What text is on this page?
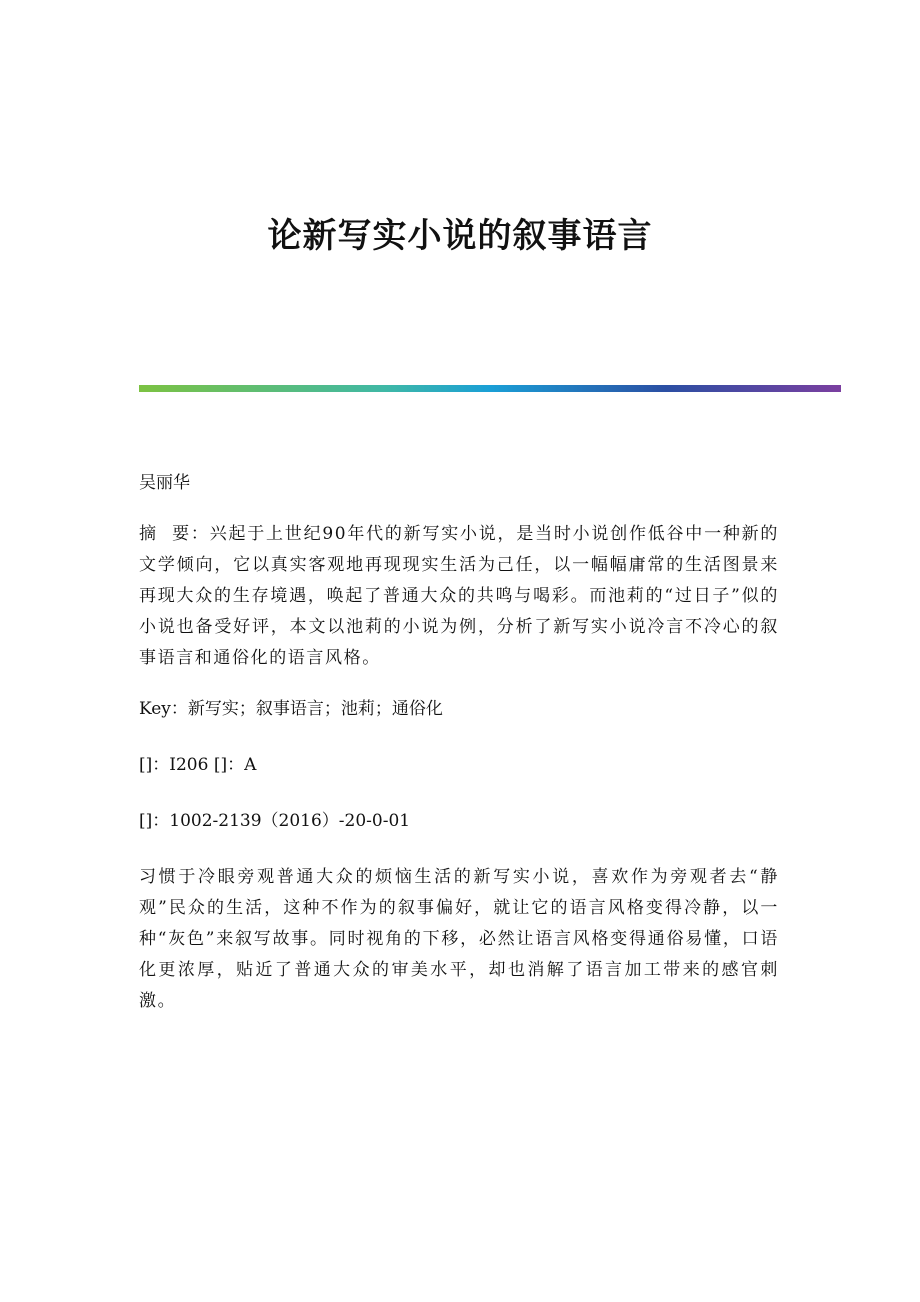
论新写实小说的叙事语言
吴丽华
摘  要：兴起于上世纪90年代的新写实小说，是当时小说创作低谷中一种新的文学倾向，它以真实客观地再现现实生活为己任，以一幅幅庸常的生活图景来再现大众的生存境遇，唤起了普通大众的共鸣与喝彩。而池莉的“过日子”似的小说也备受好评，本文以池莉的小说为例，分析了新写实小说冷言不冷心的叙事语言和通俗化的语言风格。
Key：新写实；叙事语言；池莉；通俗化
[]：I206 []：A
[]：1002-2139（2016）-20-0-01
习惯于冷眼旁观普通大众的烦恼生活的新写实小说，喜欢作为旁观者去“静观”民众的生活，这种不作为的叙事偏好，就让它的语言风格变得冷静，以一种“灰色”来叙写故事。同时视角的下移，必然让语言风格变得通俗易懂，口语化更浓厚，贴近了普通大众的审美水平，却也消解了语言加工带来的感官刺激。
